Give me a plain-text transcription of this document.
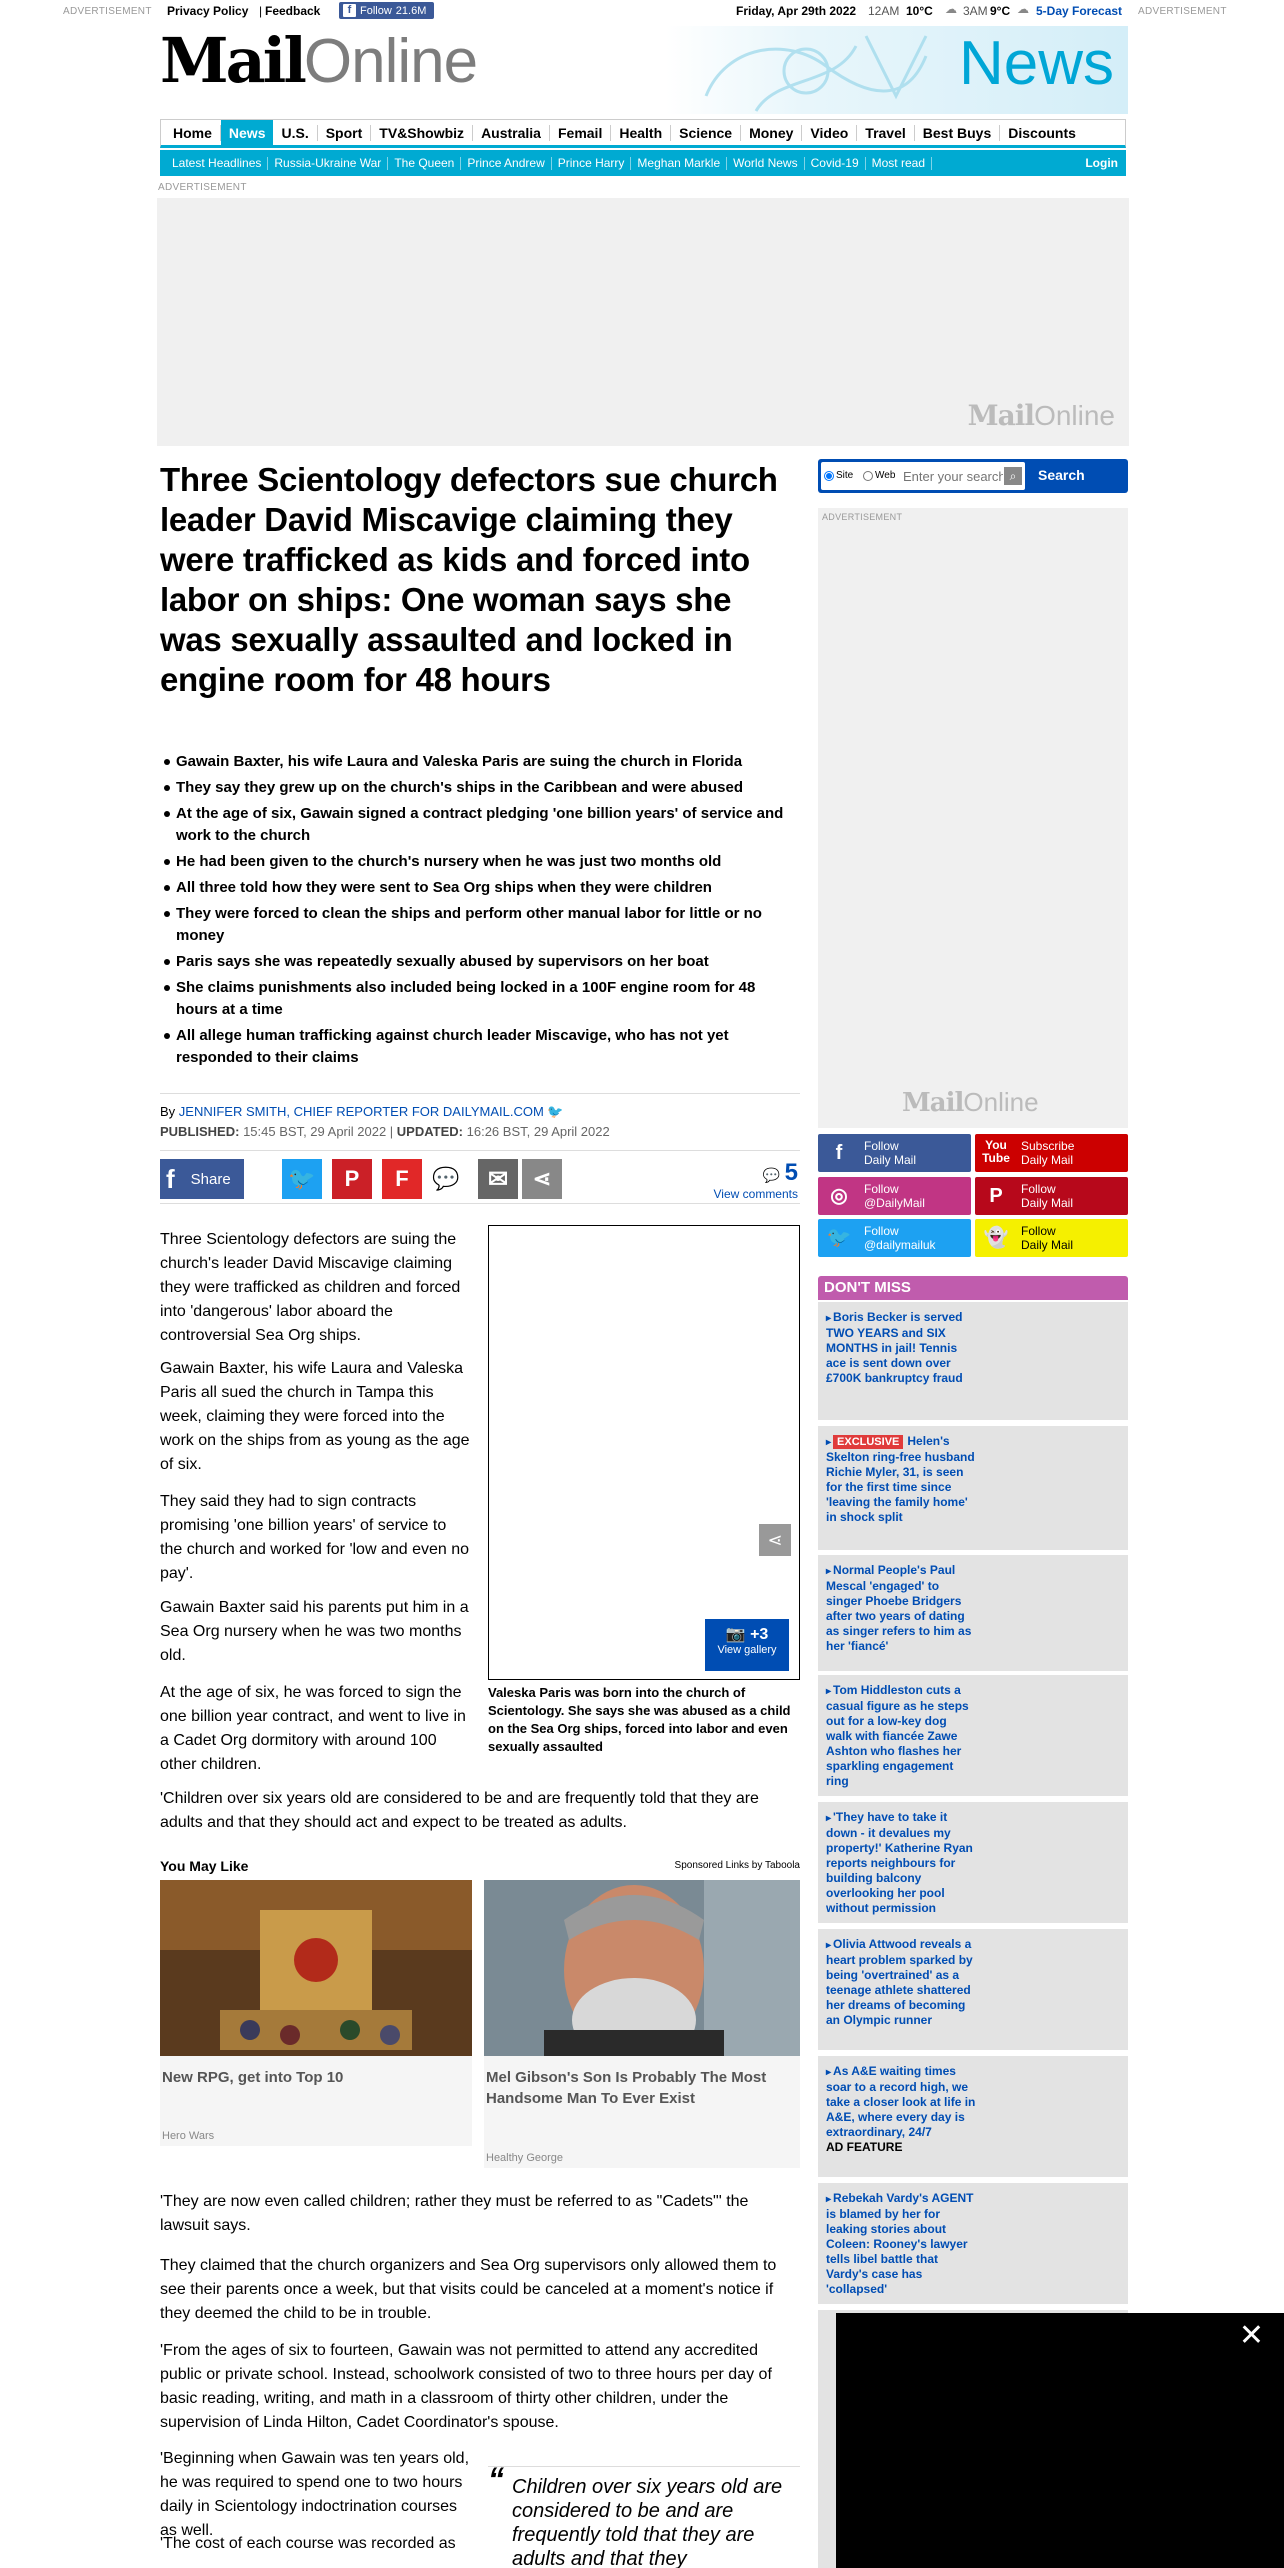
ADVERTISEMENT Privacy Policy | Feedback	f Follow 21.6M	Friday, Apr 29th 2022 12AM 10°C ☁ 3AM 9°C ☁ 5-Day Forecast ADVERTISEMENT
MailOnline	News
Home	News	U.S.	Sport	TV&Showbiz	Australia	Femail	Health	Science	Money	Video	Travel	Best Buys	Discounts
Latest Headlines	Russia-Ukraine War	The Queen	Prince Andrew	Prince Harry	Meghan Markle	World News	Covid-19	Most read	Login
ADVERTISEMENT
MailOnline
Three Scientology defectors sue church leader David Miscavige claiming they were trafficked as kids and forced into labor on ships: One woman says she was sexually assaulted and locked in engine room for 48 hours
Gawain Baxter, his wife Laura and Valeska Paris are suing the church in Florida
They say they grew up on the church's ships in the Caribbean and were abused
At the age of six, Gawain signed a contract pledging 'one billion years' of service and work to the church
He had been given to the church's nursery when he was just two months old
All three told how they were sent to Sea Org ships when they were children
They were forced to clean the ships and perform other manual labor for little or no money
Paris says she was repeatedly sexually abused by supervisors on her boat
She claims punishments also included being locked in a 100F engine room for 48 hours at a time
All allege human trafficking against church leader Miscavige, who has not yet responded to their claims
By JENNIFER SMITH, CHIEF REPORTER FOR DAILYMAIL.COM 🐦
PUBLISHED: 15:45 BST, 29 April 2022 | UPDATED: 16:26 BST, 29 April 2022
f Share	🐦 P F 💬 ✉ ⋖	💬 5
View comments

Three Scientology defectors are suing the church's leader David Miscavige claiming they were trafficked as children and forced into 'dangerous' labor aboard the controversial Sea Org ships.

Gawain Baxter, his wife Laura and Valeska Paris all sued the church in Tampa this week, claiming they were forced into the work on the ships from as young as the age of six.

They said they had to sign contracts promising 'one billion years' of service to the church and worked for 'low and even no pay'.

Gawain Baxter said his parents put him in a Sea Org nursery when he was two months old.

At the age of six, he was forced to sign the one billion year contract, and went to live in a Cadet Org dormitory with around 100 other children.

⋖
📷 +3
View gallery
Valeska Paris was born into the church of Scientology. She says she was abused as a child on the Sea Org ships, forced into labor and even sexually assaulted

'Children over six years old are considered to be and are frequently told that they are adults and that they should act and expect to be treated as adults.

You May Like	Sponsored Links by Taboola
New RPG, get into Top 10
Hero Wars
Mel Gibson's Son Is Probably The Most Handsome Man To Ever Exist
Healthy George

'They are now even called children; rather they must be referred to as "Cadets"' the lawsuit says.

They claimed that the church organizers and Sea Org supervisors only allowed them to see their parents once a week, but that visits could be canceled at a moment's notice if they deemed the child to be in trouble.

'From the ages of six to fourteen, Gawain was not permitted to attend any accredited public or private school. Instead, schoolwork consisted of two to three hours per day of basic reading, writing, and math in a classroom of thirty other children, under the supervision of Linda Hilton, Cadet Coordinator's spouse.

'Beginning when Gawain was ten years old, he was required to spend one to two hours daily in Scientology indoctrination courses as well.

'The cost of each course was recorded as

“ Children over six years old are considered to be and are frequently told that they are adults and that they
Site Web
Enter your search	⌕	Search
ADVERTISEMENT
MailOnline
f	Follow
Daily Mail
You
Tube
Subscribe
Daily Mail
◎	Follow
@DailyMail	P	Follow
Daily Mail
🐦 Follow
@dailymailuk 👻 Follow
Daily Mail
DON'T MISS
▸ Boris Becker is served TWO YEARS and SIX MONTHS in jail! Tennis ace is sent down over £700K bankruptcy fraud
▸ EXCLUSIVE Helen's Skelton ring-free husband Richie Myler, 31, is seen for the first time since 'leaving the family home' in shock split
▸ Normal People's Paul Mescal 'engaged' to singer Phoebe Bridgers after two years of dating as singer refers to him as her 'fiancé'
▸ Tom Hiddleston cuts a casual figure as he steps out for a low-key dog walk with fiancée Zawe Ashton who flashes her sparkling engagement ring
▸ 'They have to take it down - it devalues my property!' Katherine Ryan reports neighbours for building balcony overlooking her pool without permission
▸ Olivia Attwood reveals a heart problem sparked by being 'overtrained' as a teenage athlete shattered her dreams of becoming an Olympic runner
▸ As A&E waiting times soar to a record high, we take a closer look at life in A&E, where every day is extraordinary, 24/7
AD FEATURE
▸ Rebekah Vardy's AGENT is blamed by her for leaking stories about Coleen: Rooney's lawyer tells libel battle that Vardy's case has 'collapsed'
✕
